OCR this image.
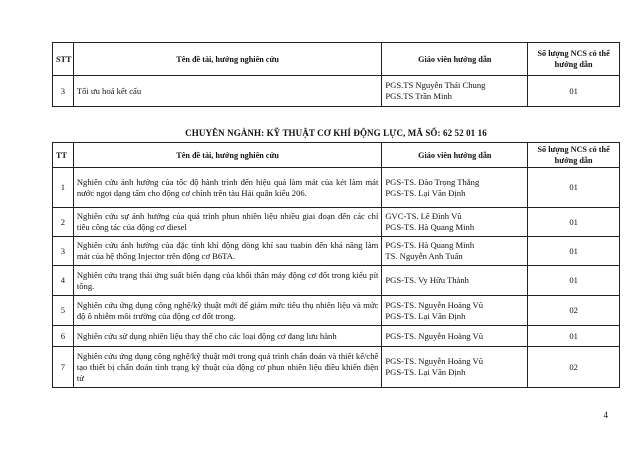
STT	Tên đề tài, hướng nghiên cứu	Giáo viên hướng dẫn	Số lượng NCS có thể hướng dẫn
3	Tối ưu hoá kết cấu	PGS.TS Nguyễn Thái Chung
PGS.TS Trần Minh	01
CHUYÊN NGÀNH: KỸ THUẬT CƠ KHÍ ĐỘNG LỰC, MÃ SỐ: 62 52 01 16
TT	Tên đề tài, hướng nghiên cứu	Giáo viên hướng dẫn	Số lượng NCS có thể hướng dẫn
1	Nghiên cứu ảnh hưởng của tốc độ hành trình đến hiệu quả làm mát của két làm mát nước ngọt dạng tấm cho động cơ chính trên tàu Hải quân kiểu 206.	PGS-TS. Đào Trọng Thắng
PGS-TS. Lại Văn Định	01
2	Nghiên cứu sự ảnh hưởng của quá trình phun nhiên liệu nhiều giai đoạn đến các chỉ tiêu công tác của động cơ diesel	GVC-TS. Lê Đình Vũ
PGS-TS. Hà Quang Minh	01
3	Nghiên cứu ảnh hưởng của đặc tính khí động dòng khí sau tuabin đến khả năng làm mát của hệ thống Injector trên động cơ B6TA.	PGS-TS. Hà Quang Minh
TS. Nguyễn Anh Tuấn	01
4	Nghiên cứu trạng thái ứng suất biến dạng của khối thân máy động cơ đốt trong kiểu pít tông.	PGS-TS. Vy Hữu Thành	01
5	Nghiên cứu ứng dụng công nghệ/kỹ thuật mới để giảm mức tiêu thụ nhiên liệu và mức độ ô nhiễm môi trường của động cơ đốt trong.	PGS-TS. Nguyễn Hoàng Vũ
PGS-TS. Lại Văn Định	02
6	Nghiên cứu sử dụng nhiên liệu thay thế cho các loại động cơ đang lưu hành	PGS-TS. Nguyễn Hoàng Vũ	01
7	Nghiên cứu ứng dụng công nghệ/kỹ thuật mới trong quá trình chẩn đoán và thiết kế/chế tạo thiết bị chẩn đoán tình trạng kỹ thuật của động cơ phun nhiên liệu điều khiển điện tử	PGS-TS. Nguyễn Hoàng Vũ
PGS-TS. Lại Văn Định	02
4
